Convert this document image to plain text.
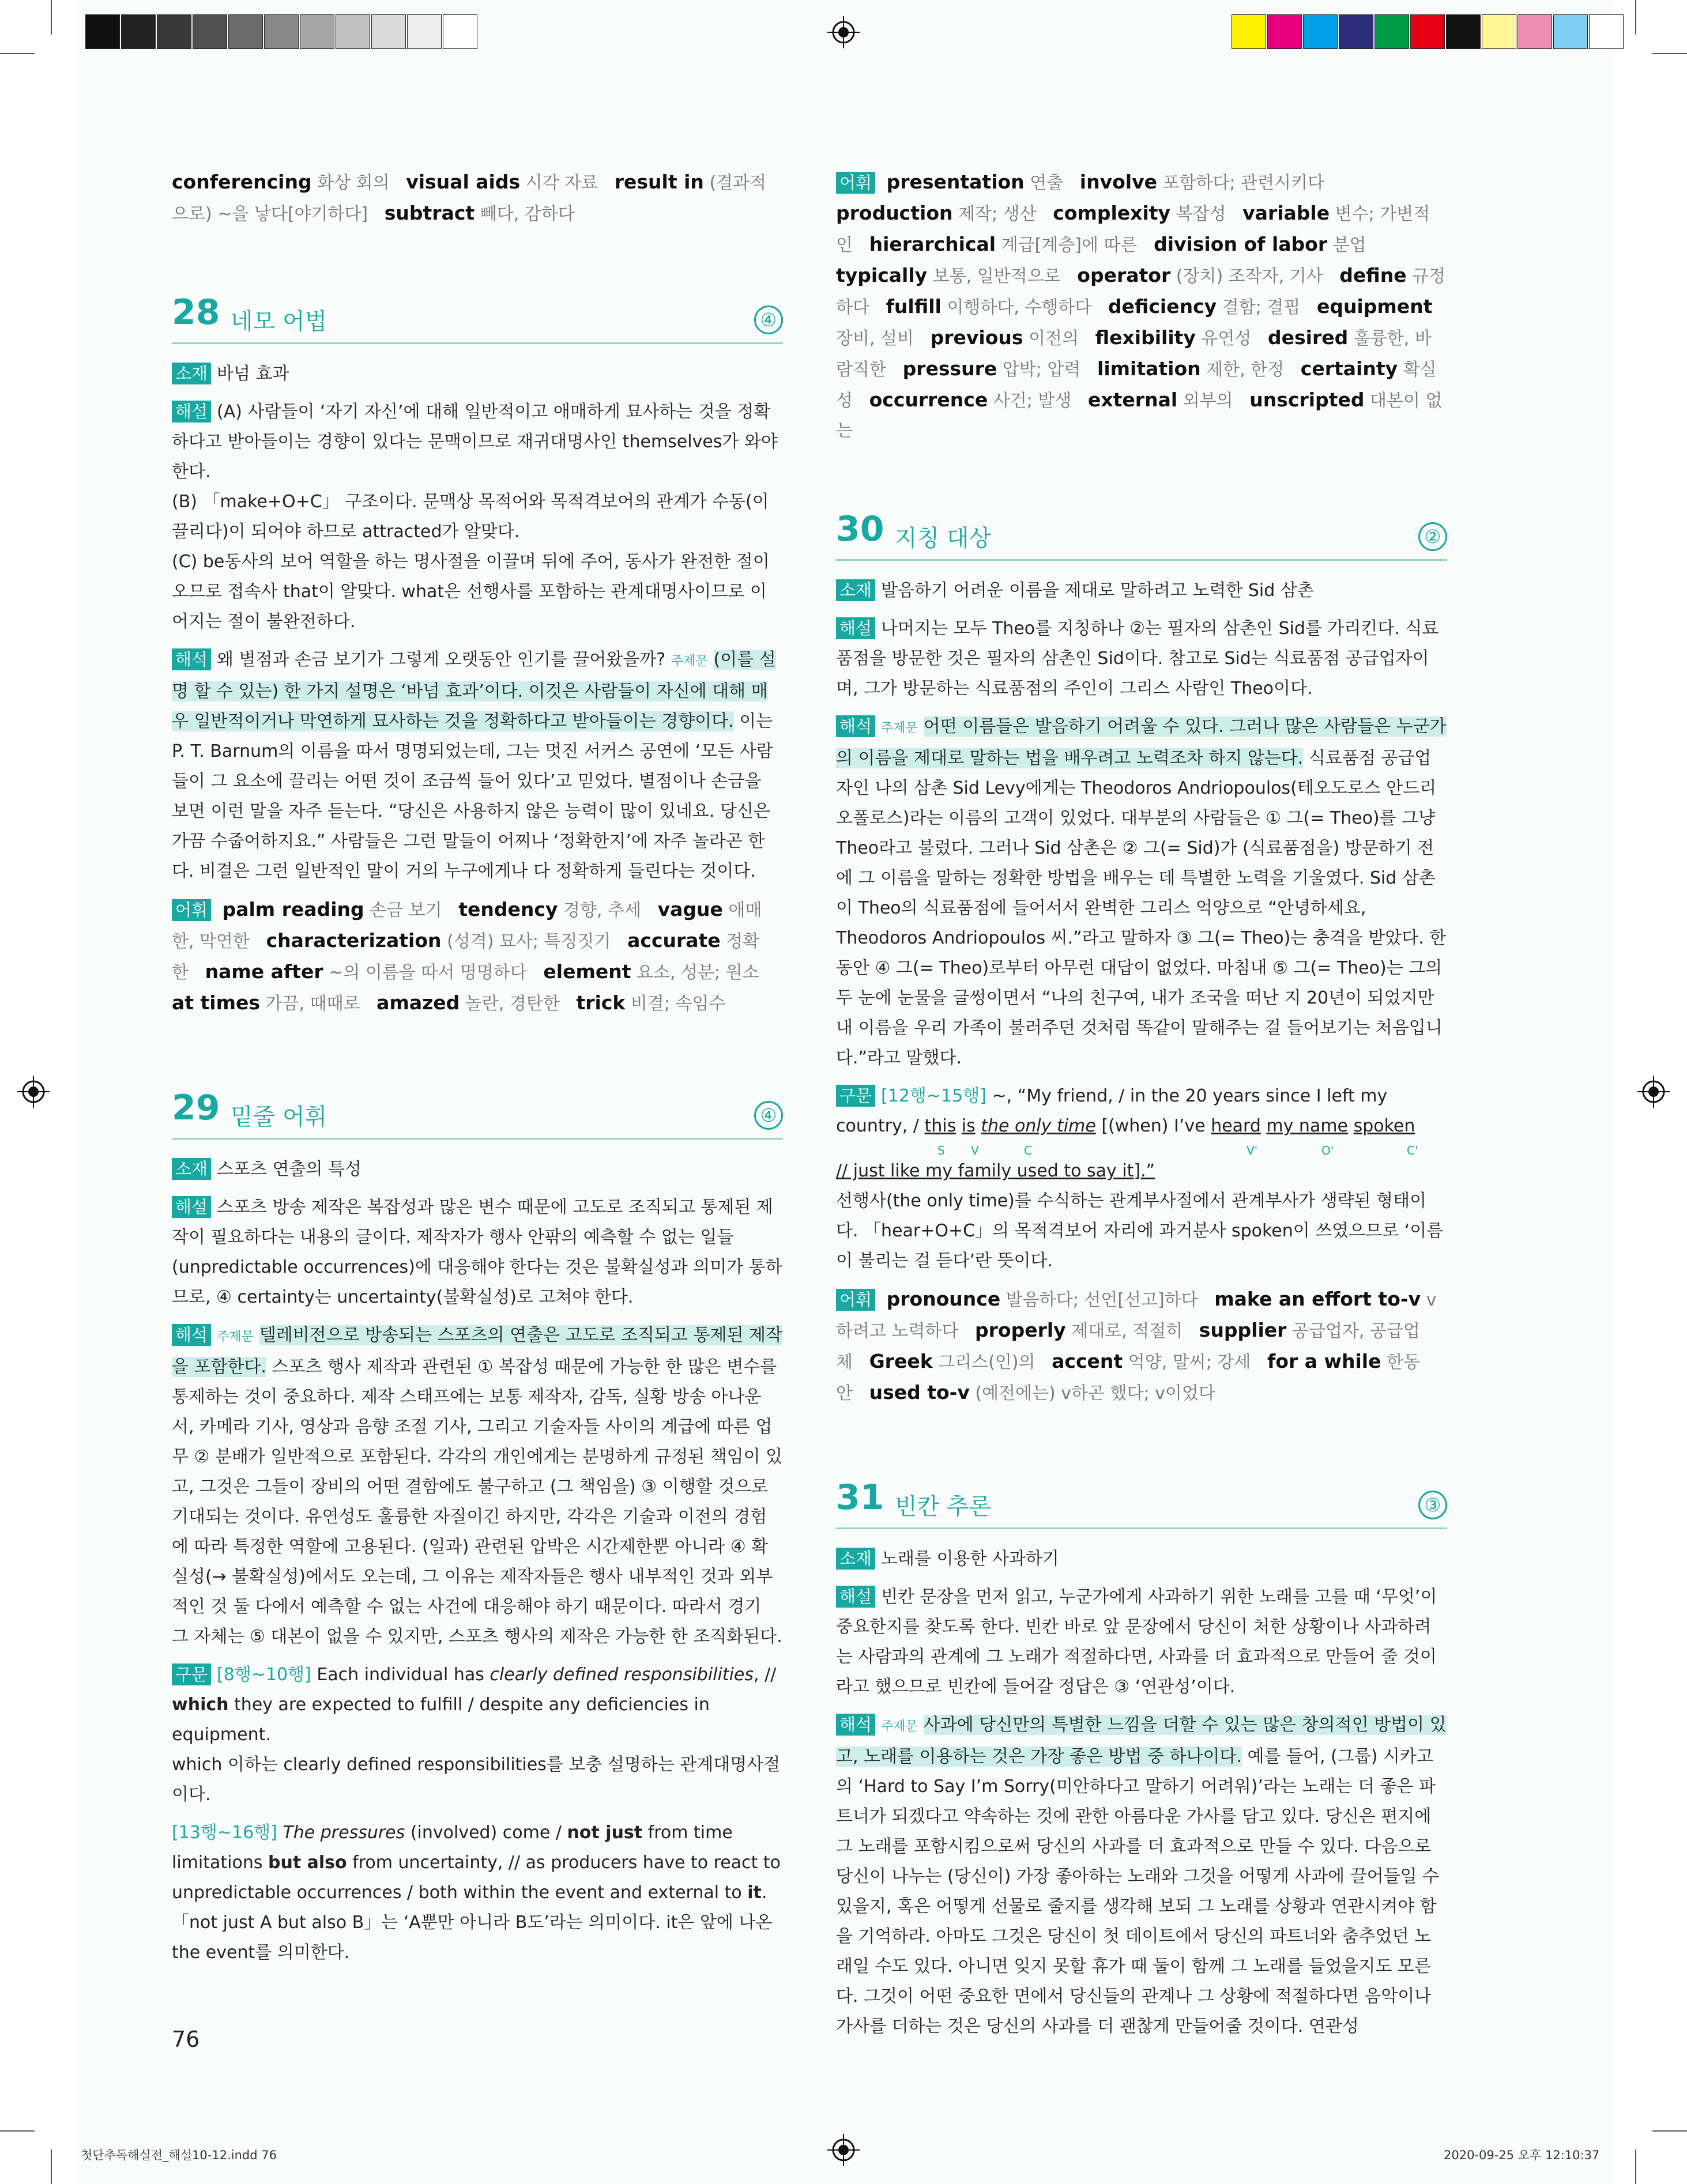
conferencing 화상 회의 visual aids 시각 자료 result in (결과적으로) ~을 낳다[야기하다] subtract 빼다, 감하다

28 네모 어법	④

소재 바넘 효과

해설 (A) 사람들이 ‘자기 자신’에 대해 일반적이고 애매하게 묘사하는 것을 정확하다고 받아들이는 경향이 있다는 문맥이므로 재귀대명사인 themselves가 와야 한다.

(B) 「make+O+C」 구조이다. 문맥상 목적어와 목적격보어의 관계가 수동(이끌리다)이 되어야 하므로 attracted가 알맞다.

(C) be동사의 보어 역할을 하는 명사절을 이끌며 뒤에 주어, 동사가 완전한 절이 오므로 접속사 that이 알맞다. what은 선행사를 포함하는 관계대명사이므로 이어지는 절이 불완전하다.

해석 왜 별점과 손금 보기가 그렇게 오랫동안 인기를 끌어왔을까? 주제문 (이를 설명 할 수 있는) 한 가지 설명은 ‘바넘 효과’이다. 이것은 사람들이 자신에 대해 매우 일반적이거나 막연하게 묘사하는 것을 정확하다고 받아들이는 경향이다. 이는 P. T. Barnum의 이름을 따서 명명되었는데, 그는 멋진 서커스 공연에 ‘모든 사람들이 그 요소에 끌리는 어떤 것이 조금씩 들어 있다’고 믿었다. 별점이나 손금을 보면 이런 말을 자주 듣는다. “당신은 사용하지 않은 능력이 많이 있네요. 당신은 가끔 수줍어하지요.” 사람들은 그런 말들이 어찌나 ‘정확한지’에 자주 놀라곤 한다. 비결은 그런 일반적인 말이 거의 누구에게나 다 정확하게 들린다는 것이다.

어휘 palm reading 손금 보기 tendency 경향, 추세 vague 애매한, 막연한 characterization (성격) 묘사; 특징짓기 accurate 정확한 name after ~의 이름을 따서 명명하다 element 요소, 성분; 원소   at times 가끔, 때때로 amazed 놀란, 경탄한 trick 비결; 속임수

29 밑줄 어휘	④

소재 스포츠 연출의 특성

해설 스포츠 방송 제작은 복잡성과 많은 변수 때문에 고도로 조직되고 통제된 제작이 필요하다는 내용의 글이다. 제작자가 행사 안팎의 예측할 수 없는 일들(unpredictable occurrences)에 대응해야 한다는 것은 불확실성과 의미가 통하므로, ④ certainty는 uncertainty(불확실성)로 고쳐야 한다.

해석 주제문 텔레비전으로 방송되는 스포츠의 연출은 고도로 조직되고 통제된 제작을 포함한다. 스포츠 행사 제작과 관련된 ① 복잡성 때문에 가능한 한 많은 변수를 통제하는 것이 중요하다. 제작 스태프에는 보통 제작자, 감독, 실황 방송 아나운서, 카메라 기사, 영상과 음향 조절 기사, 그리고 기술자들 사이의 계급에 따른 업무 ② 분배가 일반적으로 포함된다. 각각의 개인에게는 분명하게 규정된 책임이 있고, 그것은 그들이 장비의 어떤 결함에도 불구하고 (그 책임을) ③ 이행할 것으로 기대되는 것이다. 유연성도 훌륭한 자질이긴 하지만, 각각은 기술과 이전의 경험에 따라 특정한 역할에 고용된다. (일과) 관련된 압박은 시간제한뿐 아니라 ④ 확실성(→ 불확실성)에서도 오는데, 그 이유는 제작자들은 행사 내부적인 것과 외부적인 것 둘 다에서 예측할 수 없는 사건에 대응해야 하기 때문이다. 따라서 경기 그 자체는 ⑤ 대본이 없을 수 있지만, 스포츠 행사의 제작은 가능한 한 조직화된다.

구문 [8행~10행] Each individual has clearly defined responsibilities, // which they are expected to fulfill / despite any deficiencies in equipment.

which 이하는 clearly defined responsibilities를 보충 설명하는 관계대명사절이다.

[13행~16행] The pressures (involved) come / not just from time limitations but also from uncertainty, // as producers have to react to unpredictable occurrences / both within the event and external to it.

「not just A but also B」는 ‘A뿐만 아니라 B도’라는 의미이다. it은 앞에 나온 the event를 의미한다.

어휘 presentation 연출 involve 포함하다; 관련시키다   production 제작; 생산 complexity 복잡성 variable 변수; 가변적인 hierarchical 계급[계층]에 따른 division of labor 분업   typically 보통, 일반적으로 operator (장치) 조작자, 기사 define 규정하다 fulfill 이행하다, 수행하다 deficiency 결함; 결핍 equipment 장비, 설비 previous 이전의 flexibility 유연성 desired 훌륭한, 바람직한 pressure 압박; 압력 limitation 제한, 한정 certainty 확실성 occurrence 사건; 발생 external 외부의 unscripted 대본이 없는

30 지칭 대상	②

소재 발음하기 어려운 이름을 제대로 말하려고 노력한 Sid 삼촌

해설 나머지는 모두 Theo를 지칭하나 ②는 필자의 삼촌인 Sid를 가리킨다. 식료품점을 방문한 것은 필자의 삼촌인 Sid이다. 참고로 Sid는 식료품점 공급업자이며, 그가 방문하는 식료품점의 주인이 그리스 사람인 Theo이다.

해석 주제문 어떤 이름들은 발음하기 어려울 수 있다. 그러나 많은 사람들은 누군가의 이름을 제대로 말하는 법을 배우려고 노력조차 하지 않는다. 식료품점 공급업자인 나의 삼촌 Sid Levy에게는 Theodoros Andriopoulos(테오도로스 안드리오폴로스)라는 이름의 고객이 있었다. 대부분의 사람들은 ① 그(= Theo)를 그냥 Theo라고 불렀다. 그러나 Sid 삼촌은 ② 그(= Sid)가 (식료품점을) 방문하기 전에 그 이름을 말하는 정확한 방법을 배우는 데 특별한 노력을 기울였다. Sid 삼촌이 Theo의 식료품점에 들어서서 완벽한 그리스 억양으로 “안녕하세요, Theodoros Andriopoulos 씨.”라고 말하자 ③ 그(= Theo)는 충격을 받았다. 한동안 ④ 그(= Theo)로부터 아무런 대답이 없었다. 마침내 ⑤ 그(= Theo)는 그의 두 눈에 눈물을 글썽이면서 “나의 친구여, 내가 조국을 떠난 지 20년이 되었지만 내 이름을 우리 가족이 불러주던 것처럼 똑같이 말해주는 걸 들어보기는 처음입니다.”라고 말했다.

구문 [12행~15행] ~, “My friend, / in the 20 years since I left my

country, / this is the only time [(when) I’ve heard my name spoken

S V	C	V'	O'	C'

// just like my family used to say it].”

선행사(the only time)를 수식하는 관계부사절에서 관계부사가 생략된 형태이다. 「hear+O+C」의 목적격보어 자리에 과거분사 spoken이 쓰였으므로 ‘이름이 불리는 걸 듣다’란 뜻이다.

어휘 pronounce 발음하다; 선언[선고]하다 make an effort to-v v하려고 노력하다 properly 제대로, 적절히 supplier 공급업자, 공급업체 Greek 그리스(인)의 accent 억양, 말씨; 강세 for a while 한동안 used to-v (예전에는) v하곤 했다; v이었다

31 빈칸 추론	③

소재 노래를 이용한 사과하기

해설 빈칸 문장을 먼저 읽고, 누군가에게 사과하기 위한 노래를 고를 때 ‘무엇’이 중요한지를 찾도록 한다. 빈칸 바로 앞 문장에서 당신이 처한 상황이나 사과하려는 사람과의 관계에 그 노래가 적절하다면, 사과를 더 효과적으로 만들어 줄 것이라고 했으므로 빈칸에 들어갈 정답은 ③ ‘연관성’이다.

해석 주제문 사과에 당신만의 특별한 느낌을 더할 수 있는 많은 창의적인 방법이 있고, 노래를 이용하는 것은 가장 좋은 방법 중 하나이다. 예를 들어, (그룹) 시카고의 ‘Hard to Say I’m Sorry(미안하다고 말하기 어려워)’라는 노래는 더 좋은 파트너가 되겠다고 약속하는 것에 관한 아름다운 가사를 담고 있다. 당신은 편지에 그 노래를 포함시킴으로써 당신의 사과를 더 효과적으로 만들 수 있다. 다음으로 당신이 나누는 (당신이) 가장 좋아하는 노래와 그것을 어떻게 사과에 끌어들일 수 있을지, 혹은 어떻게 선물로 줄지를 생각해 보되 그 노래를 상황과 연관시켜야 함을 기억하라. 아마도 그것은 당신이 첫 데이트에서 당신의 파트너와 춤추었던 노래일 수도 있다. 아니면 잊지 못할 휴가 때 둘이 함께 그 노래를 들었을지도 모른다. 그것이 어떤 중요한 면에서 당신들의 관계나 그 상황에 적절하다면 음악이나 가사를 더하는 것은 당신의 사과를 더 괜찮게 만들어줄 것이다. 연관성

76
첫단추독해실전_해설10-12.indd 76	2020-09-25 오후 12:10:37
